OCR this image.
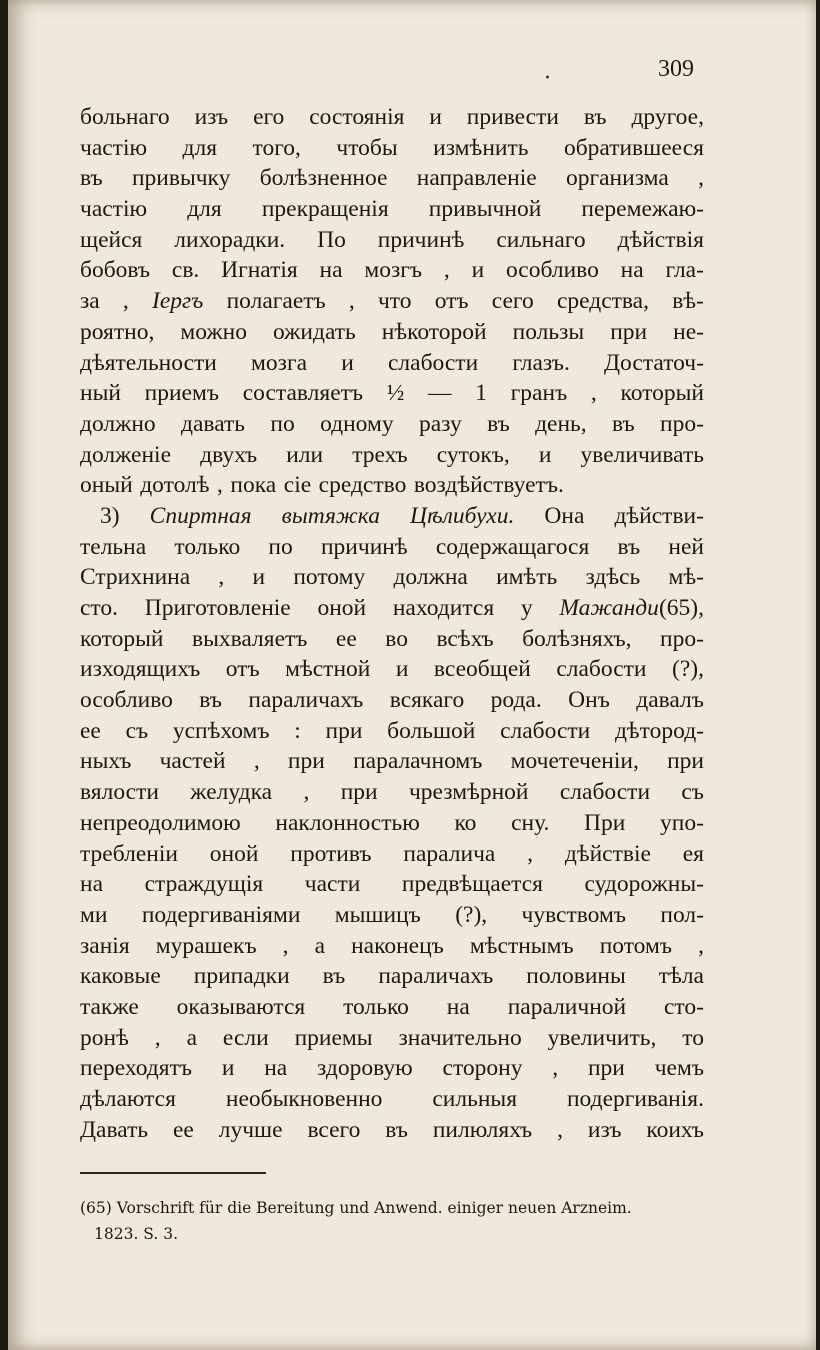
·	309
больнаго изъ его состоянія и привести въ другое,
частію для того, чтобы измѣнить обратившееся
въ привычку болѣзненное направленіе организма ,
частію для прекращенія привычной перемежаю-
щейся лихорадки. По причинѣ сильнаго дѣйствія
бобовъ св. Игнатія на мозгъ , и особливо на гла-
за , Іергъ полагаетъ , что отъ сего средства, вѣ-
роятно, можно ожидать нѣкоторой пользы при не-
дѣятельности мозга и слабости глазъ. Достаточ-
ный приемъ составляетъ ½ — 1 гранъ , который
должно давать по одному разу въ день, въ про-
долженіе двухъ или трехъ сутокъ, и увеличивать
оный дотолѣ , пока сіе средство воздѣйствуетъ.
3) Спиртная вытяжка Цѣлибухи. Она дѣйстви-
тельна только по причинѣ содержащагося въ ней
Стрихнина , и потому должна имѣть здѣсь мѣ-
сто. Приготовленіе оной находится у Мажанди(65),
который выхваляетъ ее во всѣхъ болѣзняхъ, про-
изходящихъ отъ мѣстной и всеобщей слабости (?),
особливо въ параличахъ всякаго рода. Онъ давалъ
ее съ успѣхомъ : при большой слабости дѣтород-
ныхъ частей , при паралачномъ мочетеченіи, при
вялости желудка , при чрезмѣрной слабости съ
непреодолимою наклонностью ко сну. При упо-
требленіи оной противъ паралича , дѣйствіе ея
на страждущія части предвѣщается судорожны-
ми подергиваніями мышицъ (?), чувствомъ пол-
занія мурашекъ , а наконецъ мѣстнымъ потомъ ,
каковые припадки въ параличахъ половины тѣла
также оказываются только на параличной сто-
ронѣ , а если приемы значительно увеличить, то
переходятъ и на здоровую сторону , при чемъ
дѣлаются необыкновенно сильныя подергиванія.
Давать ее лучше всего въ пилюляхъ , изъ коихъ
(65) Vorschrift für die Bereitung und Anwend. einiger neuen Arzneim.
1823. S. 3.
